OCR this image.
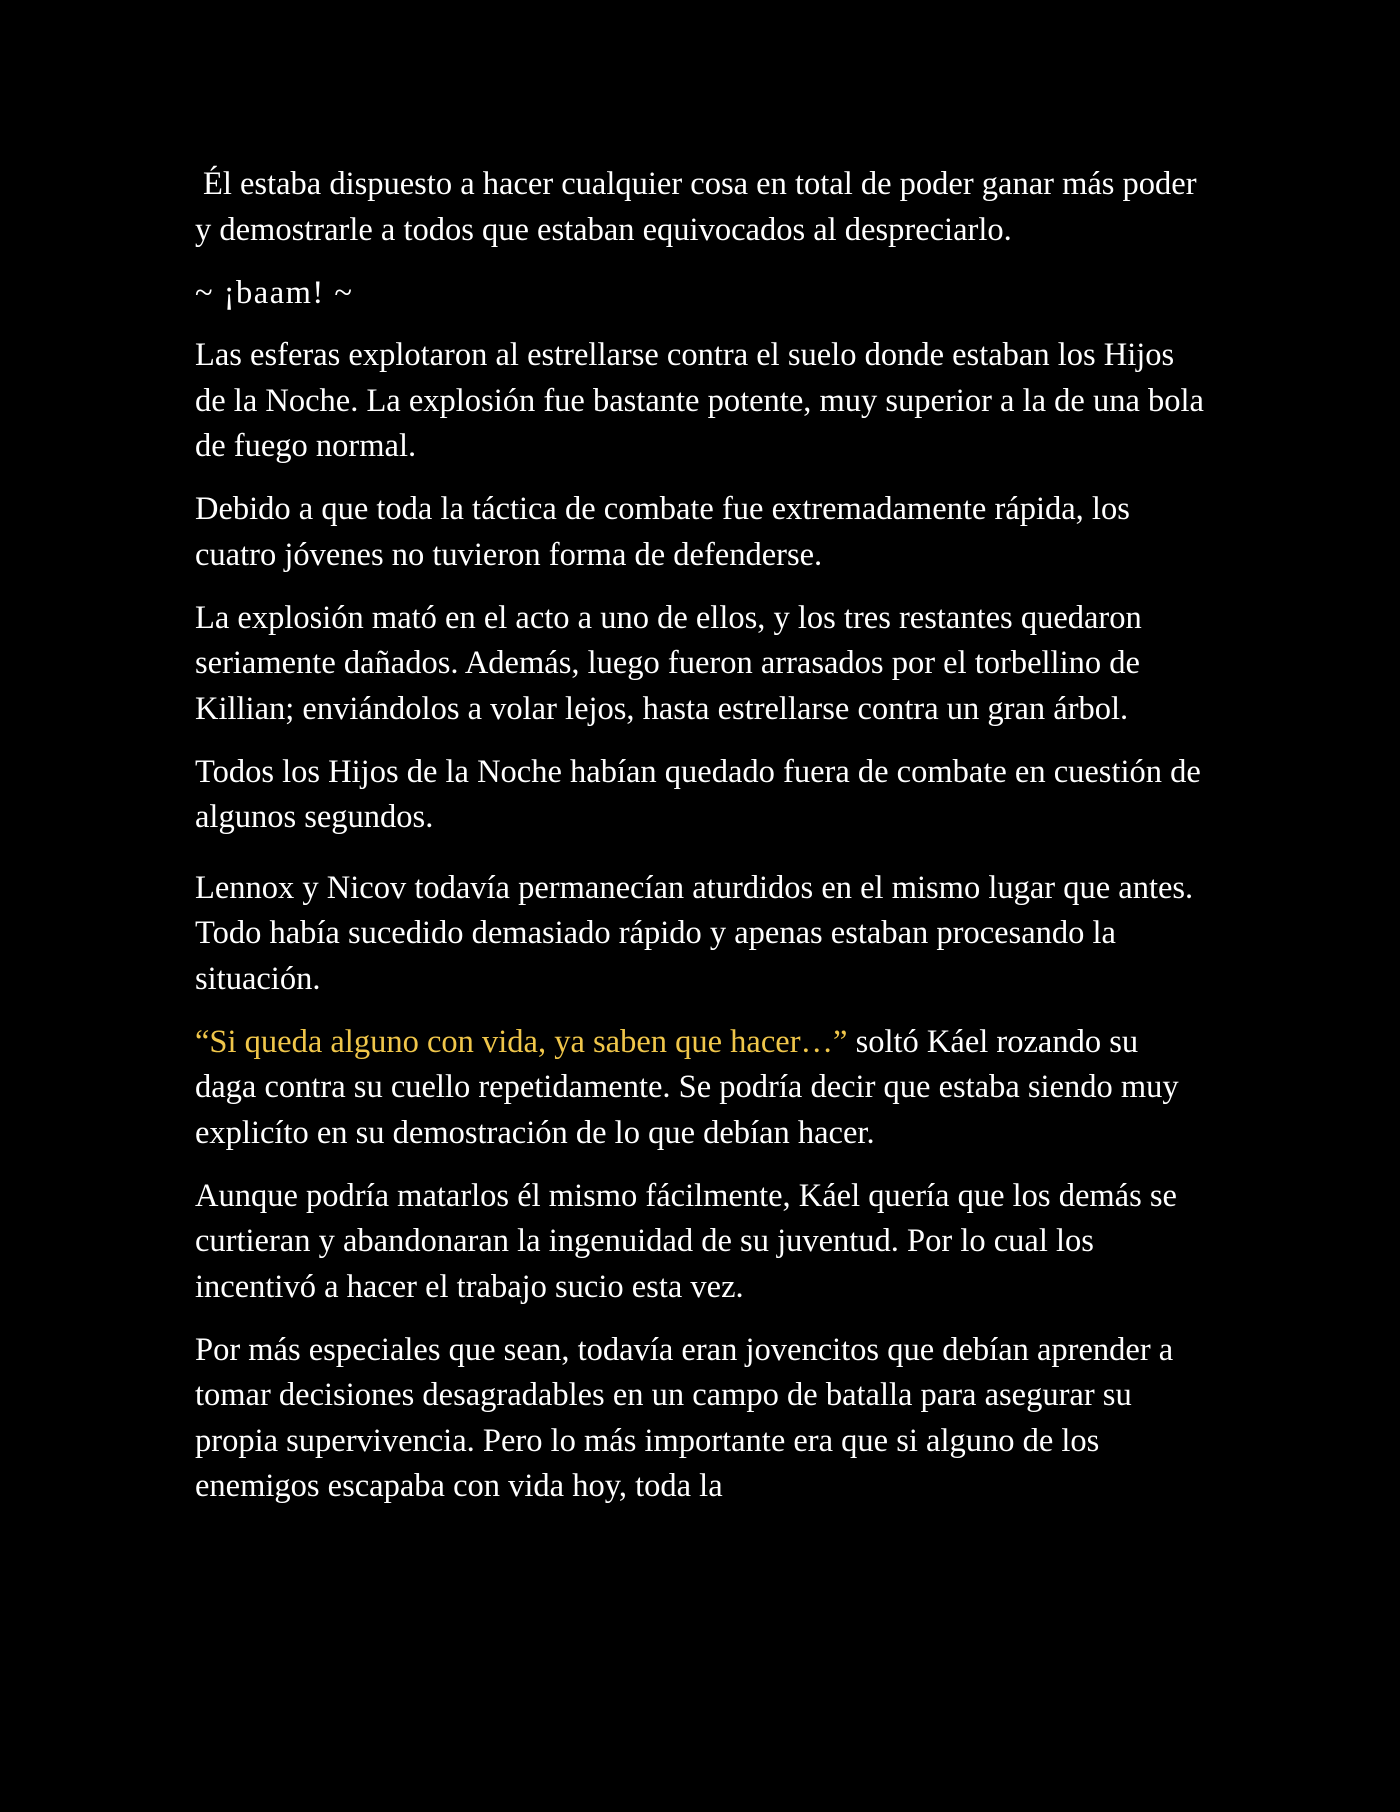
Él estaba dispuesto a hacer cualquier cosa en total de poder ganar más poder y demostrarle a todos que estaban equivocados al despreciarlo.

~ ¡baam! ~

Las esferas explotaron al estrellarse contra el suelo donde estaban los Hijos de la Noche. La explosión fue bastante potente, muy superior a la de una bola de fuego normal.

Debido a que toda la táctica de combate fue extremadamente rápida, los cuatro jóvenes no tuvieron forma de defenderse.

La explosión mató en el acto a uno de ellos, y los tres restantes quedaron seriamente dañados. Además, luego fueron arrasados por el torbellino de Killian; enviándolos a volar lejos, hasta estrellarse contra un gran árbol.

Todos los Hijos de la Noche habían quedado fuera de combate en cuestión de algunos segundos.

Lennox y Nicov todavía permanecían aturdidos en el mismo lugar que antes. Todo había sucedido demasiado rápido y apenas estaban procesando la situación.

“Si queda alguno con vida, ya saben que hacer…” soltó Káel rozando su daga contra su cuello repetidamente. Se podría decir que estaba siendo muy explicíto en su demostración de lo que debían hacer.

Aunque podría matarlos él mismo fácilmente, Káel quería que los demás se curtieran y abandonaran la ingenuidad de su juventud. Por lo cual los incentivó a hacer el trabajo sucio esta vez.

Por más especiales que sean, todavía eran jovencitos que debían aprender a tomar decisiones desagradables en un campo de batalla para asegurar su propia supervivencia. Pero lo más importante era que si alguno de los enemigos escapaba con vida hoy, toda la
